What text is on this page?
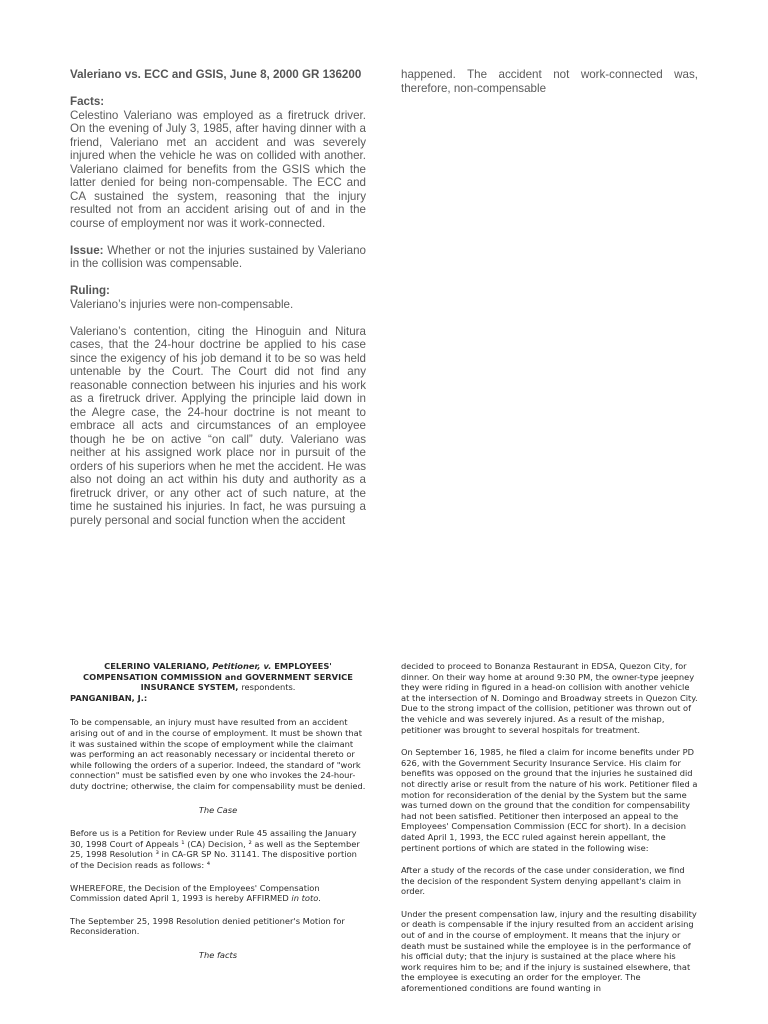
Valeriano vs. ECC and GSIS, June 8, 2000 GR 136200

Facts:

Celestino Valeriano was employed as a firetruck driver. On the evening of July 3, 1985, after having dinner with a friend, Valeriano met an accident and was severely injured when the vehicle he was on collided with another. Valeriano claimed for benefits from the GSIS which the latter denied for being non-compensable. The ECC and CA sustained the system, reasoning that the injury resulted not from an accident arising out of and in the course of employment nor was it work-connected.

Issue: Whether or not the injuries sustained by Valeriano in the collision was compensable.

Ruling:

Valeriano’s injuries were non-compensable.

Valeriano’s contention, citing the Hinoguin and Nitura cases, that the 24-hour doctrine be applied to his case since the exigency of his job demand it to be so was held untenable by the Court. The Court did not find any reasonable connection between his injuries and his work as a firetruck driver. Applying the principle laid down in the Alegre case, the 24-hour doctrine is not meant to embrace all acts and circumstances of an employee though he be on active “on call” duty. Valeriano was neither at his assigned work place nor in pursuit of the orders of his superiors when he met the accident. He was also not doing an act within his duty and authority as a firetruck driver, or any other act of such nature, at the time he sustained his injuries. In fact, he was pursuing a purely personal and social function when the accident

happened. The accident not work-connected was, therefore, non-compensable

CELERINO VALERIANO, Petitioner, v. EMPLOYEES' COMPENSATION COMMISSION and GOVERNMENT SERVICE INSURANCE SYSTEM, respondents.

PANGANIBAN, J.:

To be compensable, an injury must have resulted from an accident arising out of and in the course of employment. It must be shown that it was sustained within the scope of employment while the claimant was performing an act reasonably necessary or incidental thereto or while following the orders of a superior. Indeed, the standard of "work connection" must be satisfied even by one who invokes the 24-hour-duty doctrine; otherwise, the claim for compensability must be denied.

The Case

Before us is a Petition for Review under Rule 45 assailing the January 30, 1998 Court of Appeals ¹ (CA) Decision, ² as well as the September 25, 1998 Resolution ³ in CA-GR SP No. 31141. The dispositive portion of the Decision reads as follows: ⁴

WHEREFORE, the Decision of the Employees' Compensation Commission dated April 1, 1993 is hereby AFFIRMED in toto.

The September 25, 1998 Resolution denied petitioner's Motion for Reconsideration.

The facts

decided to proceed to Bonanza Restaurant in EDSA, Quezon City, for dinner. On their way home at around 9:30 PM, the owner-type jeepney they were riding in figured in a head-on collision with another vehicle at the intersection of N. Domingo and Broadway streets in Quezon City. Due to the strong impact of the collision, petitioner was thrown out of the vehicle and was severely injured. As a result of the mishap, petitioner was brought to several hospitals for treatment.

On September 16, 1985, he filed a claim for income benefits under PD 626, with the Government Security Insurance Service. His claim for benefits was opposed on the ground that the injuries he sustained did not directly arise or result from the nature of his work. Petitioner filed a motion for reconsideration of the denial by the System but the same was turned down on the ground that the condition for compensability had not been satisfied. Petitioner then interposed an appeal to the Employees' Compensation Commission (ECC for short). In a decision dated April 1, 1993, the ECC ruled against herein appellant, the pertinent portions of which are stated in the following wise:

After a study of the records of the case under consideration, we find the decision of the respondent System denying appellant's claim in order.

Under the present compensation law, injury and the resulting disability or death is compensable if the injury resulted from an accident arising out of and in the course of employment. It means that the injury or death must be sustained while the employee is in the performance of his official duty; that the injury is sustained at the place where his work requires him to be; and if the injury is sustained elsewhere, that the employee is executing an order for the employer. The aforementioned conditions are found wanting in
